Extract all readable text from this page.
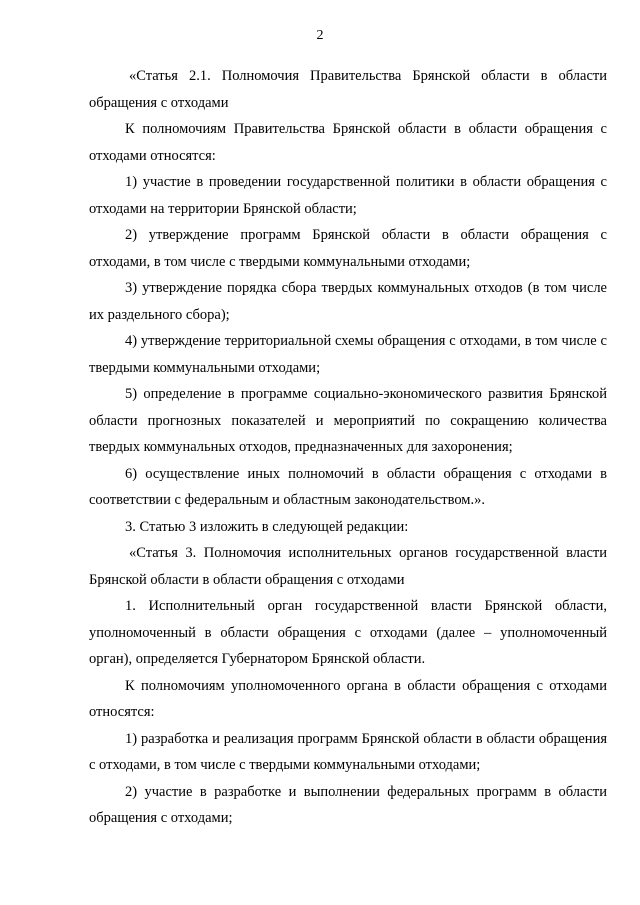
2

«Статья 2.1. Полномочия Правительства Брянской области в области обращения с отходами

К полномочиям Правительства Брянской области в области обращения с отходами относятся:

1) участие в проведении государственной политики в области обращения с отходами на территории Брянской области;

2) утверждение программ Брянской области в области обращения с отходами, в том числе с твердыми коммунальными отходами;

3) утверждение порядка сбора твердых коммунальных отходов (в том числе их раздельного сбора);

4) утверждение территориальной схемы обращения с отходами, в том числе с твердыми коммунальными отходами;

5) определение в программе социально-экономического развития Брянской области прогнозных показателей и мероприятий по сокращению количества твердых коммунальных отходов, предназначенных для захоронения;

6) осуществление иных полномочий в области обращения с отходами в соответствии с федеральным и областным законодательством.».

3. Статью 3 изложить в следующей редакции:

«Статья 3. Полномочия исполнительных органов государственной власти Брянской области в области обращения с отходами

1. Исполнительный орган государственной власти Брянской области, уполномоченный в области обращения с отходами (далее – уполномоченный орган), определяется Губернатором Брянской области.

К полномочиям уполномоченного органа в области обращения с отходами относятся:

1) разработка и реализация программ Брянской области в области обращения с отходами, в том числе с твердыми коммунальными отходами;

2) участие в разработке и выполнении федеральных программ в области обращения с отходами;
